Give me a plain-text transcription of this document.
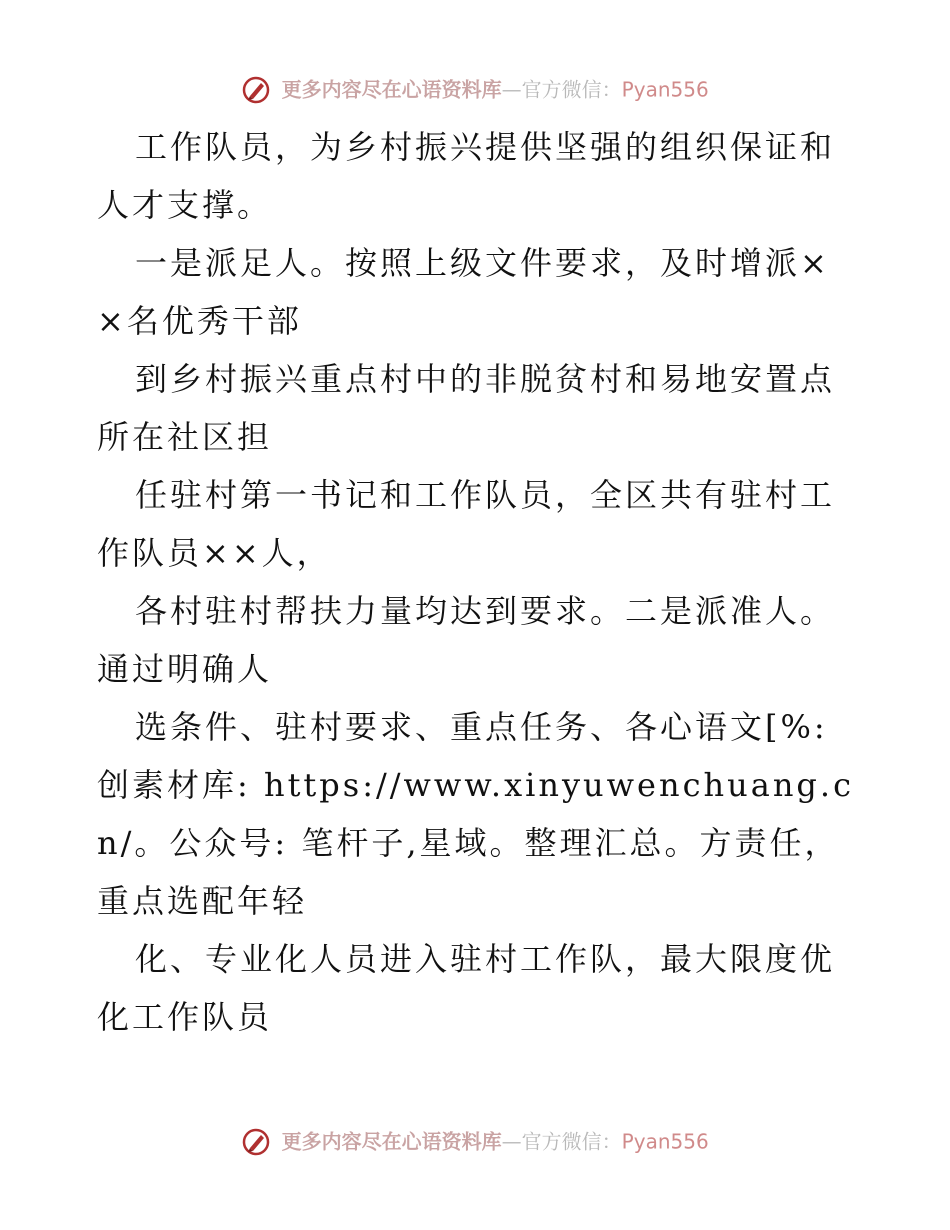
更多内容尽在心语资料库—官方微信：Pyan556

工作队员，为乡村振兴提供坚强的组织保证和人才支撑。

一是派足人。按照上级文件要求，及时增派××名优秀干部

到乡村振兴重点村中的非脱贫村和易地安置点所在社区担

任驻村第一书记和工作队员，全区共有驻村工作队员××人，

各村驻村帮扶力量均达到要求。二是派准人。通过明确人

选条件、驻村要求、重点任务、各心语文[%:创素材库: https://www.xinyuwenchuang.cn/。公众号: 笔杆子,星域。整理汇总。方责任，重点选配年轻

化、专业化人员进入驻村工作队，最大限度优化工作队员

更多内容尽在心语资料库—官方微信：Pyan556
